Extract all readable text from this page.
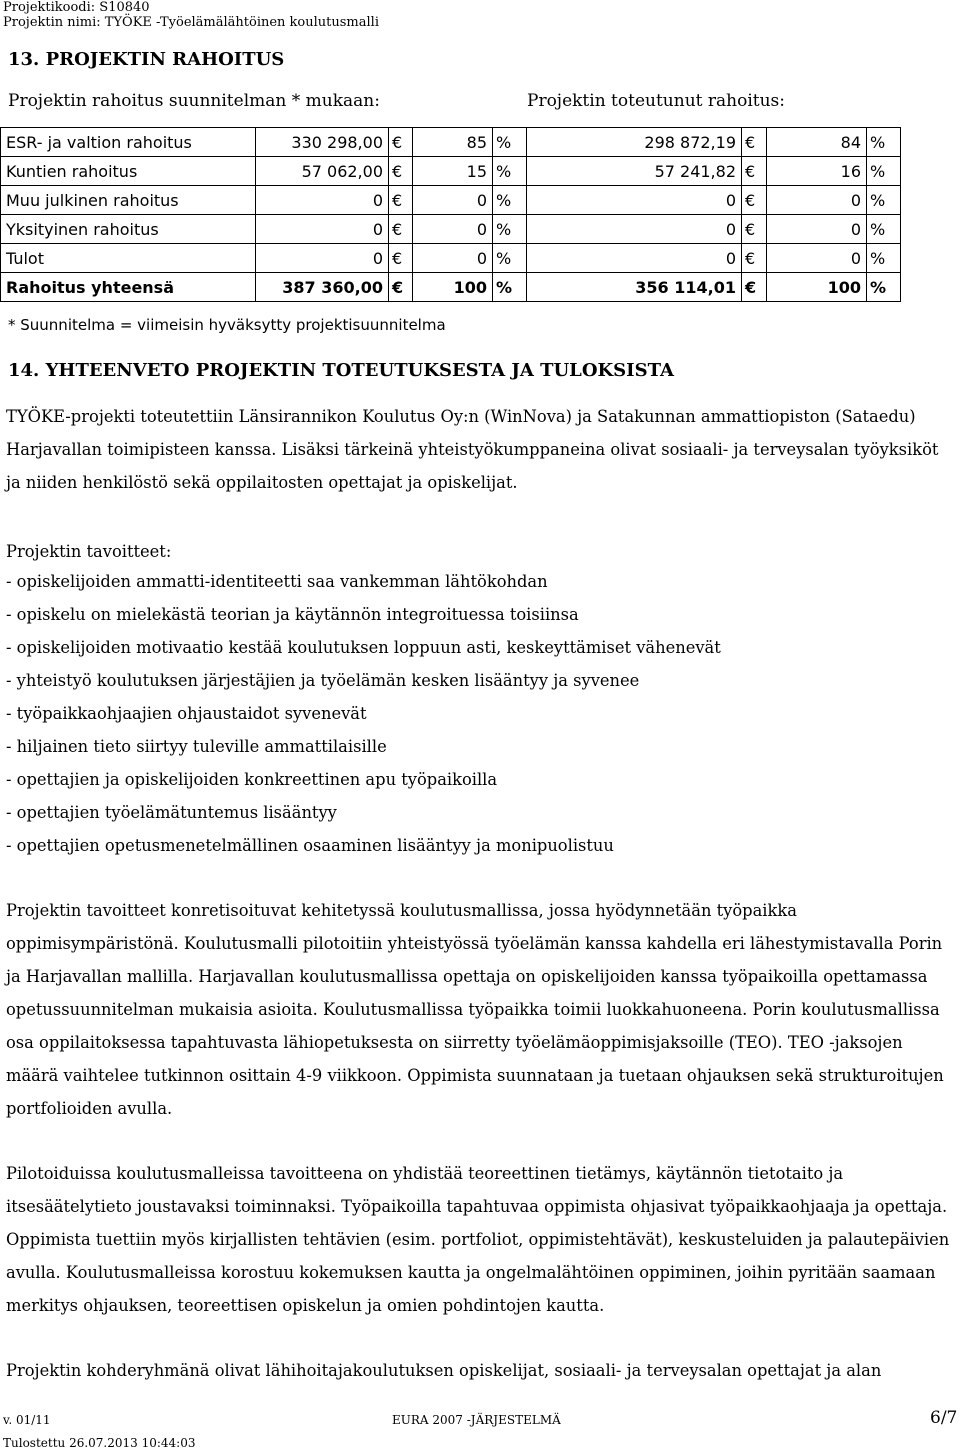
Projektikoodi: S10840
Projektin nimi: TYÖKE -Työelämälähtöinen koulutusmalli
13. PROJEKTIN RAHOITUS
Projektin rahoitus suunnitelman * mukaan:	Projektin toteutunut rahoitus:
ESR- ja valtion rahoitus	330 298,00	€	85	%	298 872,19	€	84	%
Kuntien rahoitus	57 062,00	€	15	%	57 241,82	€	16	%
Muu julkinen rahoitus	0	€	0	%	0	€	0	%
Yksityinen rahoitus	0	€	0	%	0	€	0	%
Tulot	0	€	0	%	0	€	0	%
Rahoitus yhteensä	387 360,00	€	100	%	356 114,01	€	100	%
* Suunnitelma = viimeisin hyväksytty projektisuunnitelma
14. YHTEENVETO PROJEKTIN TOTEUTUKSESTA JA TULOKSISTA

TYÖKE-projekti toteutettiin Länsirannikon Koulutus Oy:n (WinNova) ja Satakunnan ammattiopiston (Sataedu) Harjavallan toimipisteen kanssa. Lisäksi tärkeinä yhteistyökumppaneina olivat sosiaali- ja terveysalan työyksiköt ja niiden henkilöstö sekä oppilaitosten opettajat ja opiskelijat.

Projektin tavoitteet:
- opiskelijoiden ammatti-identiteetti saa vankemman lähtökohdan
- opiskelu on mielekästä teorian ja käytännön integroituessa toisiinsa
- opiskelijoiden motivaatio kestää koulutuksen loppuun asti, keskeyttämiset vähenevät
- yhteistyö koulutuksen järjestäjien ja työelämän kesken lisääntyy ja syvenee
- työpaikkaohjaajien ohjaustaidot syvenevät
- hiljainen tieto siirtyy tuleville ammattilaisille
- opettajien ja opiskelijoiden konkreettinen apu työpaikoilla
- opettajien työelämätuntemus lisääntyy
- opettajien opetusmenetelmällinen osaaminen lisääntyy ja monipuolistuu

Projektin tavoitteet konretisoituvat kehitetyssä koulutusmallissa, jossa hyödynnetään työpaikka oppimisympäristönä. Koulutusmalli pilotoitiin yhteistyössä työelämän kanssa kahdella eri lähestymistavalla Porin ja Harjavallan mallilla. Harjavallan koulutusmallissa opettaja on opiskelijoiden kanssa työpaikoilla opettamassa opetussuunnitelman mukaisia asioita. Koulutusmallissa työpaikka toimii luokkahuoneena. Porin koulutusmallissa osa oppilaitoksessa tapahtuvasta lähiopetuksesta on siirretty työelämäoppimisjaksoille (TEO). TEO -jaksojen määrä vaihtelee tutkinnon osittain 4-9 viikkoon. Oppimista suunnataan ja tuetaan ohjauksen sekä strukturoitujen portfolioiden avulla.

Pilotoiduissa koulutusmalleissa tavoitteena on yhdistää teoreettinen tietämys, käytännön tietotaito ja itsesäätelytieto joustavaksi toiminnaksi. Työpaikoilla tapahtuvaa oppimista ohjasivat työpaikkaohjaaja ja opettaja. Oppimista tuettiin myös kirjallisten tehtävien (esim. portfoliot, oppimistehtävät), keskusteluiden ja palautepäivien avulla. Koulutusmalleissa korostuu kokemuksen kautta ja ongelmalähtöinen oppiminen, joihin pyritään saamaan merkitys ohjauksen, teoreettisen opiskelun ja omien pohdintojen kautta.

Projektin kohderyhmänä olivat lähihoitajakoulutuksen opiskelijat, sosiaali- ja terveysalan opettajat ja alan

v. 01/11	EURA 2007 -JÄRJESTELMÄ	6/7
Tulostettu 26.07.2013 10:44:03
